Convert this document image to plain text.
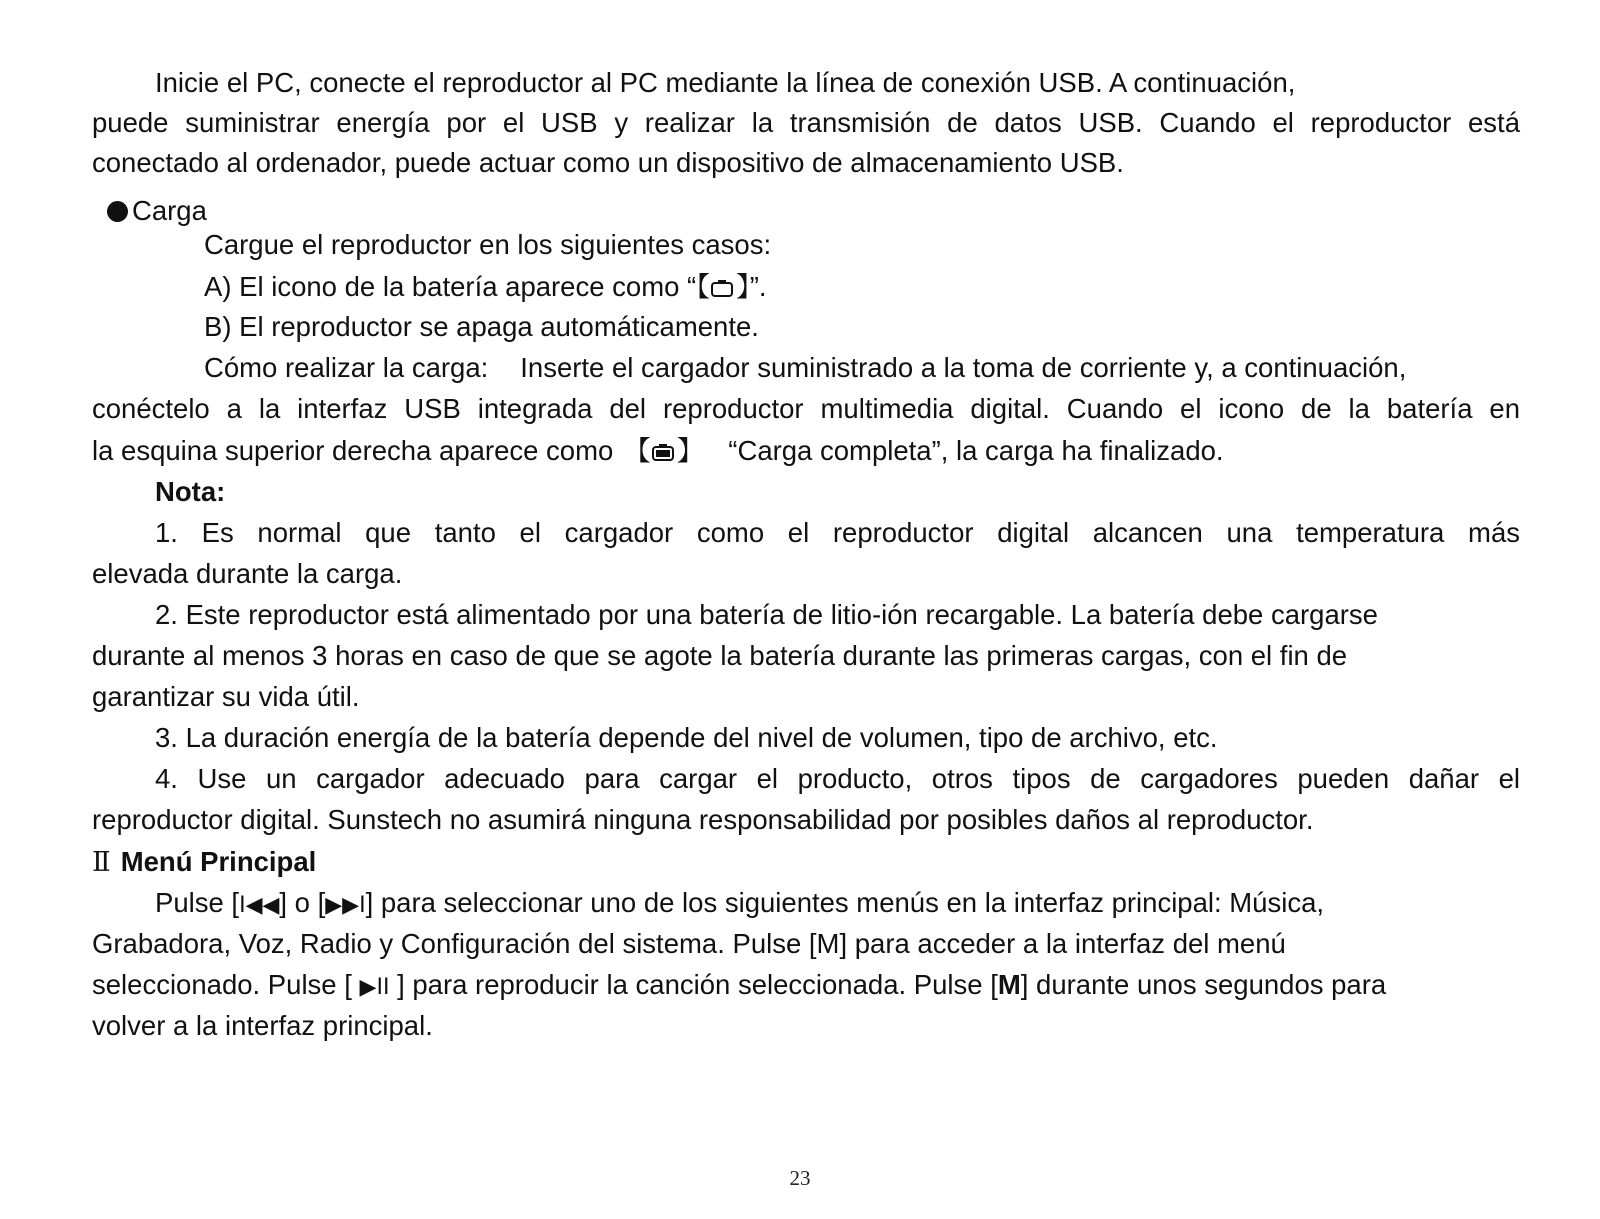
Inicie el PC, conecte el reproductor al PC mediante la línea de conexión USB. A continuación,
puede suministrar energía por el USB y realizar la transmisión de datos USB. Cuando el reproductor está
conectado al ordenador, puede actuar como un dispositivo de almacenamiento USB.
Carga
Cargue el reproductor en los siguientes casos:
A) El icono de la batería aparece como “【 】”.
B) El reproductor se apaga automáticamente.
Cómo realizar la carga: Inserte el cargador suministrado a la toma de corriente y, a continuación,
conéctelo a la interfaz USB integrada del reproductor multimedia digital. Cuando el icono de la batería en
la esquina superior derecha aparece como 【 】 “Carga completa”, la carga ha finalizado.
Nota:
1. Es normal que tanto el cargador como el reproductor digital alcancen una temperatura más
elevada durante la carga.
2. Este reproductor está alimentado por una batería de litio-ión recargable. La batería debe cargarse
durante al menos 3 horas en caso de que se agote la batería durante las primeras cargas, con el fin de
garantizar su vida útil.
3. La duración energía de la batería depende del nivel de volumen, tipo de archivo, etc.
4. Use un cargador adecuado para cargar el producto, otros tipos de cargadores pueden dañar el
reproductor digital. Sunstech no asumirá ninguna responsabilidad por posibles daños al reproductor.
Ⅱ Menú Principal
Pulse [I◀◀] o [▶▶I] para seleccionar uno de los siguientes menús en la interfaz principal: Música,
Grabadora, Voz, Radio y Configuración del sistema. Pulse [M] para acceder a la interfaz del menú
seleccionado. Pulse [ ▶II ] para reproducir la canción seleccionada. Pulse [M] durante unos segundos para
volver a la interfaz principal.
23
